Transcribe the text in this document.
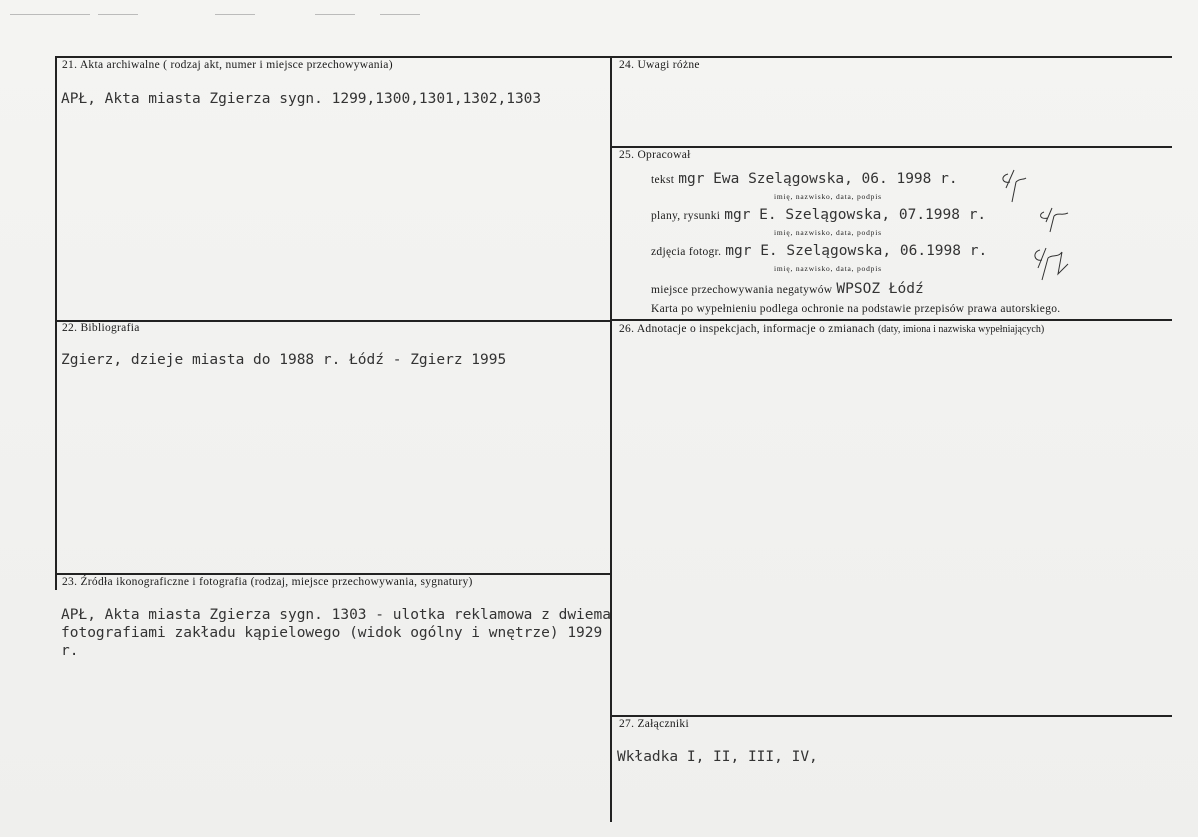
21. Akta archiwalne ( rodzaj akt, numer i miejsce przechowywania)
APŁ, Akta miasta Zgierza sygn. 1299,1300,1301,1302,1303
22. Bibliografia
Zgierz, dzieje miasta do 1988 r. Łódź - Zgierz 1995
23. Źródła ikonograficzne i fotografia (rodzaj, miejsce przechowywania, sygnatury)
APŁ, Akta miasta Zgierza sygn. 1303 - ulotka reklamowa z dwiema fotografiami zakładu kąpielowego (widok ogólny i wnętrze) 1929 r.
24. Uwagi różne
25. Opracował
tekst mgr Ewa Szelągowska, 06. 1998 r.
imię, nazwisko, data, podpis
plany, rysunki mgr E. Szelągowska, 07.1998 r.
imię, nazwisko, data, podpis
zdjęcia fotogr. mgr E. Szelągowska, 06.1998 r.
imię, nazwisko, data, podpis
miejsce przechowywania negatywów WPSOZ Łódź
Karta po wypełnieniu podlega ochronie na podstawie przepisów prawa autorskiego.
26. Adnotacje o inspekcjach, informacje o zmianach (daty, imiona i nazwiska wypełniających)
27. Załączniki
Wkładka I, II, III, IV,
